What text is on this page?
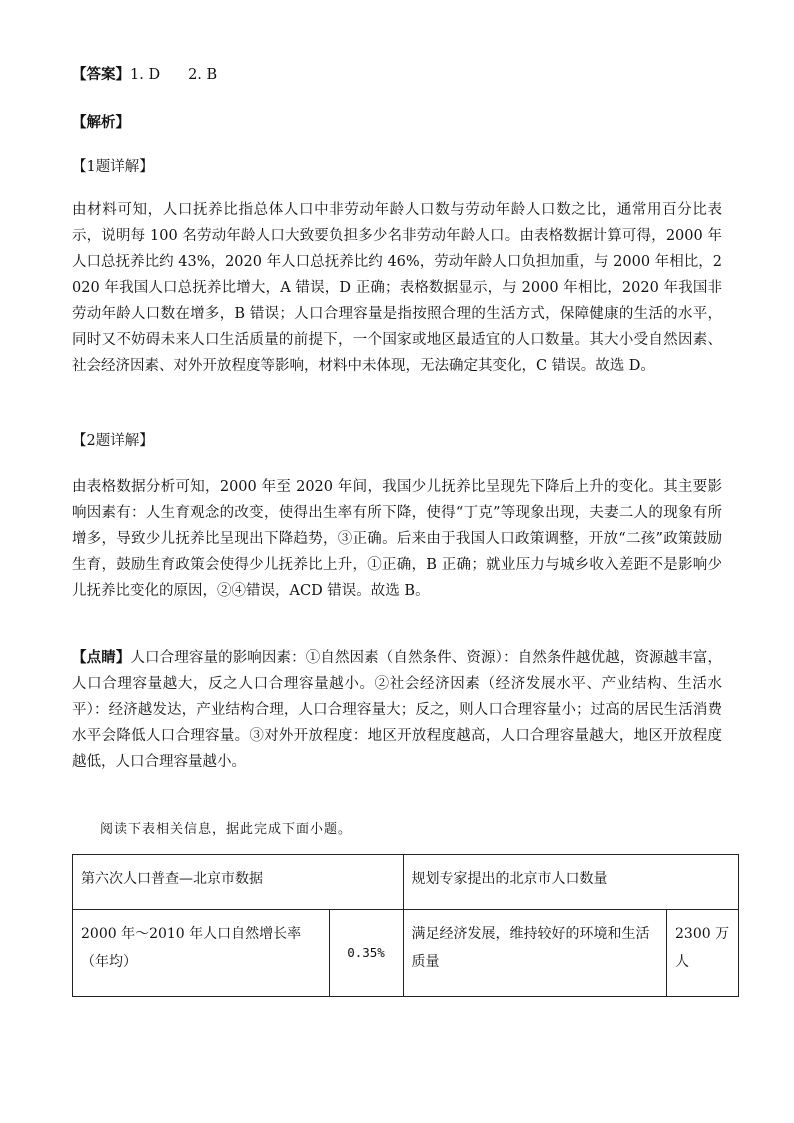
【答案】1. D 2. B
【解析】
【1题详解】
由材料可知，人口抚养比指总体人口中非劳动年龄人口数与劳动年龄人口数之比，通常用百分比表示，说明每 100 名劳动年龄人口大致要负担多少名非劳动年龄人口。由表格数据计算可得，2000 年人口总抚养比约 43%，2020 年人口总抚养比约 46%，劳动年龄人口负担加重，与 2000 年相比，2020 年我国人口总抚养比增大，A 错误，D 正确；表格数据显示，与 2000 年相比，2020 年我国非劳动年龄人口数在增多，B 错误；人口合理容量是指按照合理的生活方式，保障健康的生活的水平，同时又不妨碍未来人口生活质量的前提下，一个国家或地区最适宜的人口数量。其大小受自然因素、社会经济因素、对外开放程度等影响，材料中未体现，无法确定其变化，C 错误。故选 D。
【2题详解】
由表格数据分析可知，2000 年至 2020 年间，我国少儿抚养比呈现先下降后上升的变化。其主要影响因素有：人生育观念的改变，使得出生率有所下降，使得“丁克”等现象出现，夫妻二人的现象有所增多，导致少儿抚养比呈现出下降趋势，③正确。后来由于我国人口政策调整，开放“二孩”政策鼓励生育，鼓励生育政策会使得少儿抚养比上升，①正确，B 正确；就业压力与城乡收入差距不是影响少儿抚养比变化的原因，②④错误，ACD 错误。故选 B。
【点睛】人口合理容量的影响因素：①自然因素（自然条件、资源）：自然条件越优越，资源越丰富，人口合理容量越大，反之人口合理容量越小。②社会经济因素（经济发展水平、产业结构、生活水平）：经济越发达，产业结构合理，人口合理容量大；反之，则人口合理容量小；过高的居民生活消费水平会降低人口合理容量。③对外开放程度：地区开放程度越高，人口合理容量越大，地区开放程度越低，人口合理容量越小。
阅读下表相关信息，据此完成下面小题。
第六次人口普查—北京市数据		规划专家提出的北京市人口数量	
2000 年～2010 年人口自然增长率（年均）	0.35%	满足经济发展，维持较好的环境和生活质量	2300 万人
